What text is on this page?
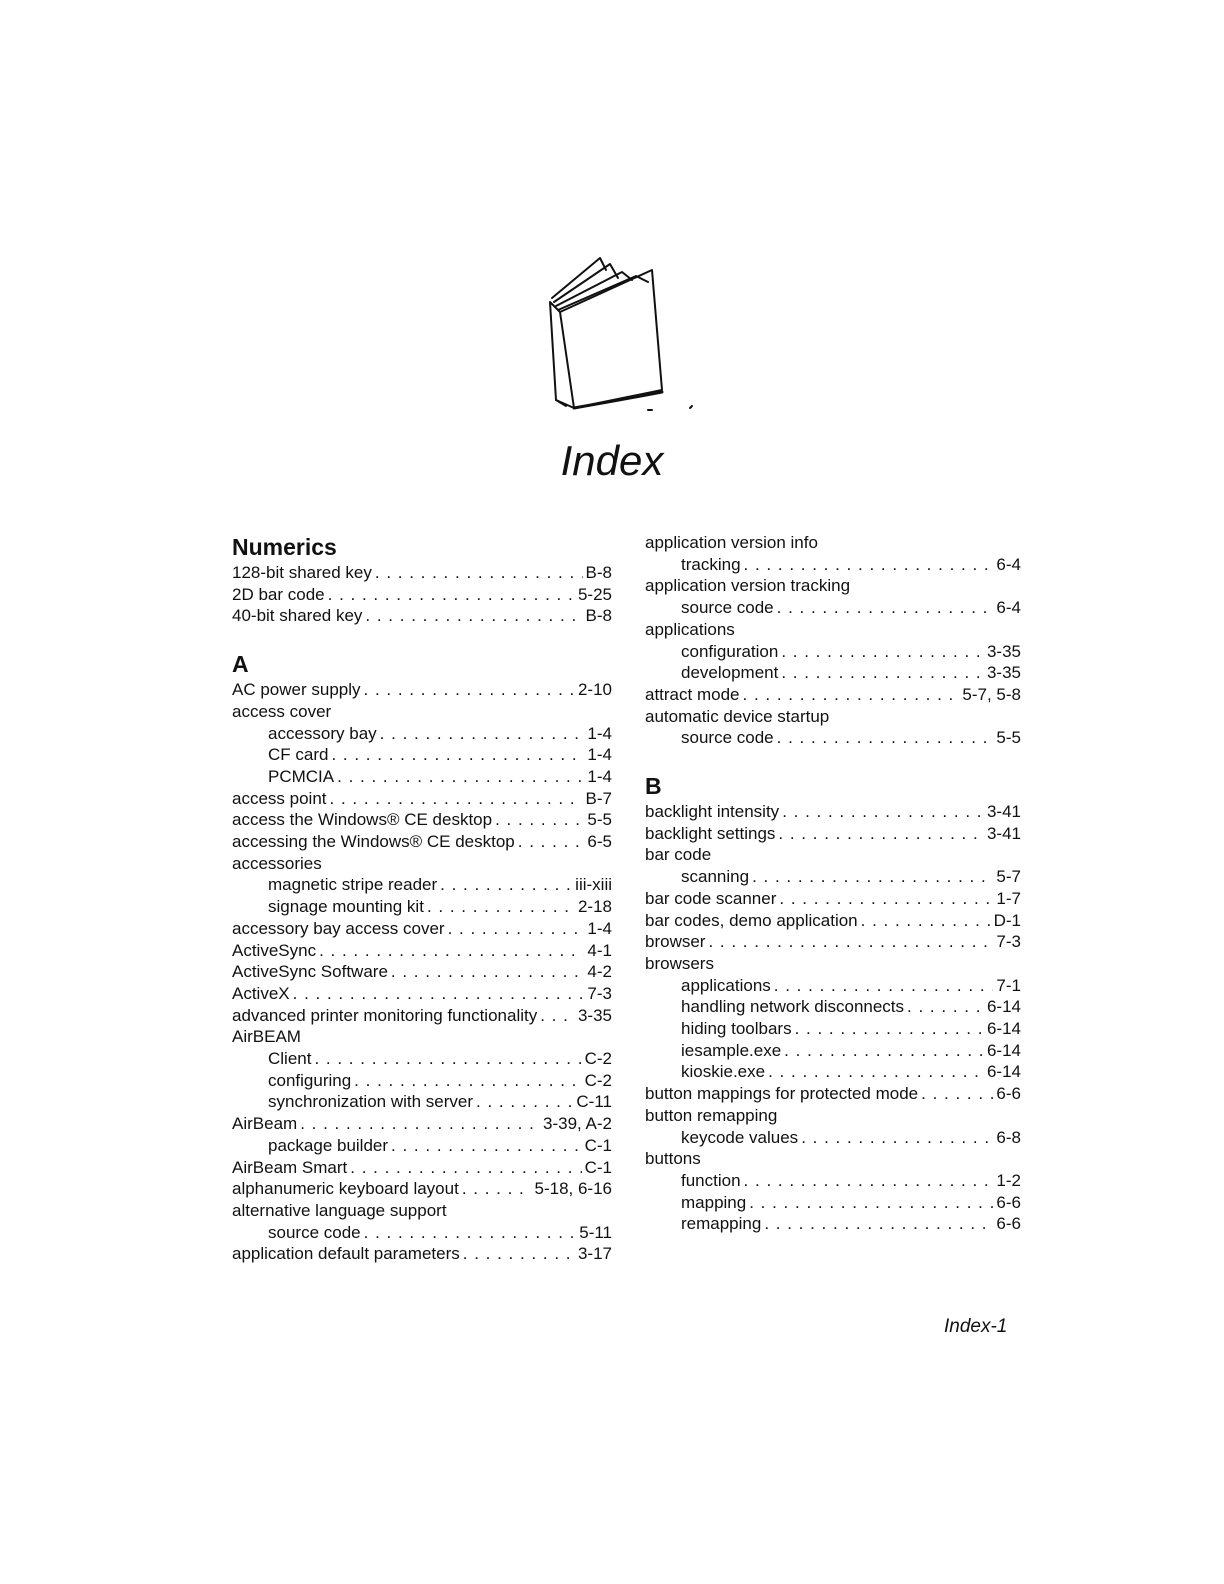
Index
Numerics
128-bit shared key . . .	B-8
2D bar code . . .	5-25
40-bit shared key . . .	B-8
A
AC power supply . . .	2-10
access cover
accessory bay . . .	1-4
CF card . . .	1-4
PCMCIA . . .	1-4
access point . . .	B-7
access the Windows® CE desktop . . .	5-5
accessing the Windows® CE desktop . . .	6-5
accessories
magnetic stripe reader . . .	iii-xiii
signage mounting kit . . .	2-18
accessory bay access cover . . .	1-4
ActiveSync . . .	4-1
ActiveSync Software . . .	4-2
ActiveX . . .	7-3
advanced printer monitoring functionality . . . 3-35
AirBEAM
Client . . .	C-2
configuring . . .	C-2
synchronization with server . . .	C-11
AirBeam . . .	3-39, A-2
package builder . . .	C-1
AirBeam Smart . . .	C-1
alphanumeric keyboard layout . . .	5-18, 6-16
alternative language support
source code . . .	5-11
application default parameters . . .	3-17
application version info
tracking . . .	6-4
application version tracking
source code . . .	6-4
applications
configuration . . .	3-35
development . . .	3-35
attract mode . . .	5-7, 5-8
automatic device startup
source code . . .	5-5
B
backlight intensity . . .	3-41
backlight settings . . .	3-41
bar code
scanning . . .	5-7
bar code scanner . . .	1-7
bar codes, demo application . . .	D-1
browser . . .	7-3
browsers
applications . . .	7-1
handling network disconnects . . .	6-14
hiding toolbars . . .	6-14
iesample.exe . . .	6-14
kioskie.exe . . .	6-14
button mappings for protected mode . . .	6-6
button remapping
keycode values . . .	6-8
buttons
function . . .	1-2
mapping . . .	6-6
remapping . . .	6-6
Index-1
